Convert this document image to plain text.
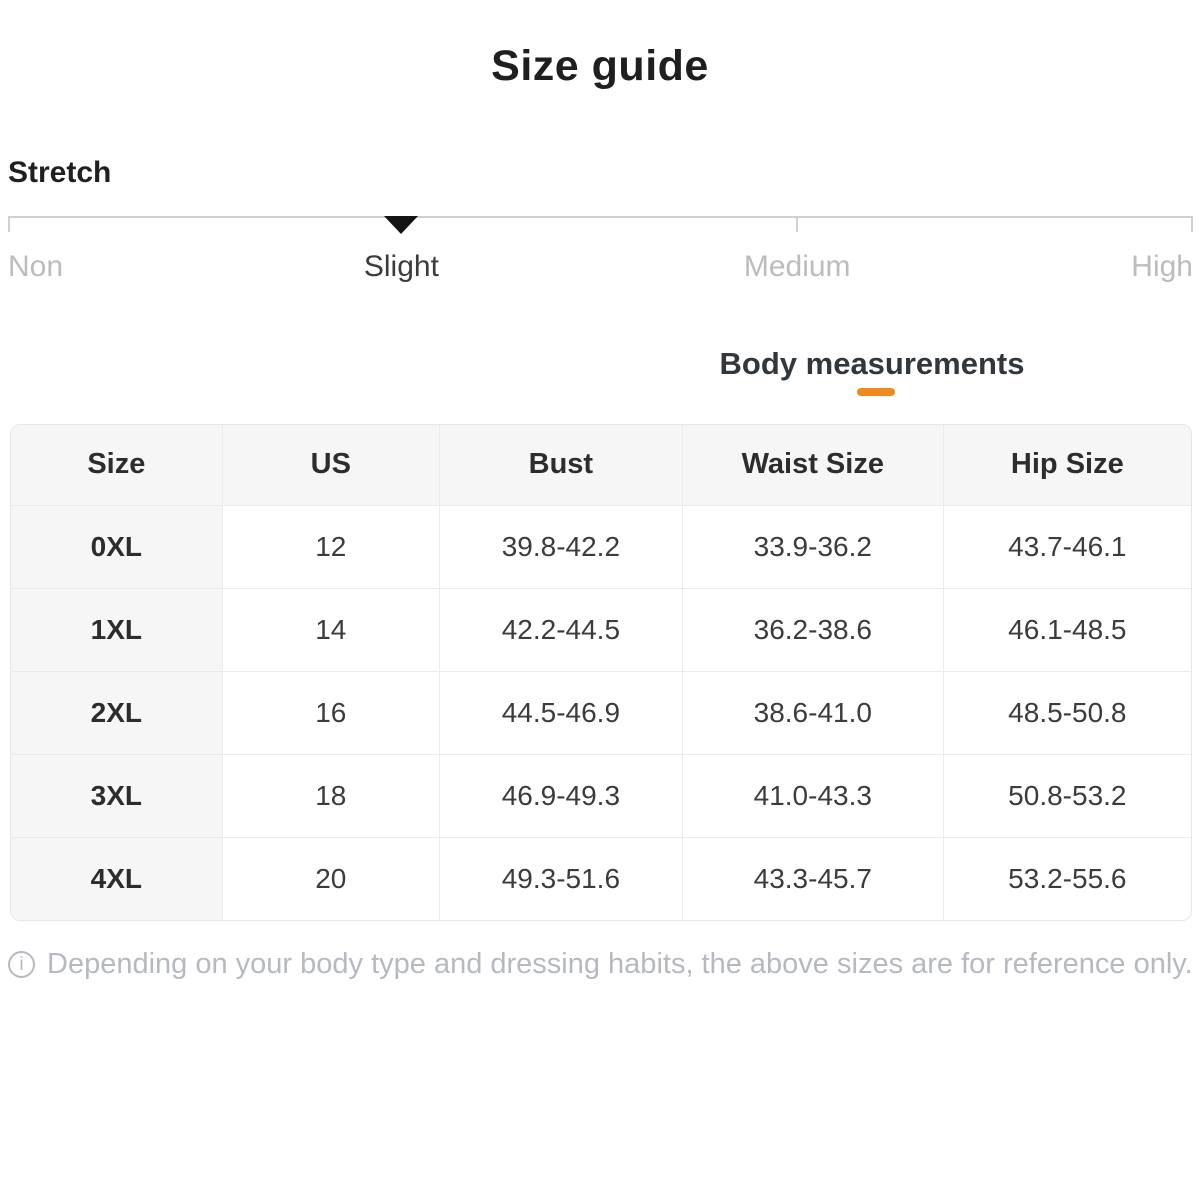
Size guide
Stretch
Non	Slight	Medium	High
Body measurements
Size	US	Bust	Waist Size	Hip Size
0XL	12	39.8-42.2	33.9-36.2	43.7-46.1
1XL	14	42.2-44.5	36.2-38.6	46.1-48.5
2XL	16	44.5-46.9	38.6-41.0	48.5-50.8
3XL	18	46.9-49.3	41.0-43.3	50.8-53.2
4XL	20	49.3-51.6	43.3-45.7	53.2-55.6
i Depending on your body type and dressing habits, the above sizes are for reference only.
